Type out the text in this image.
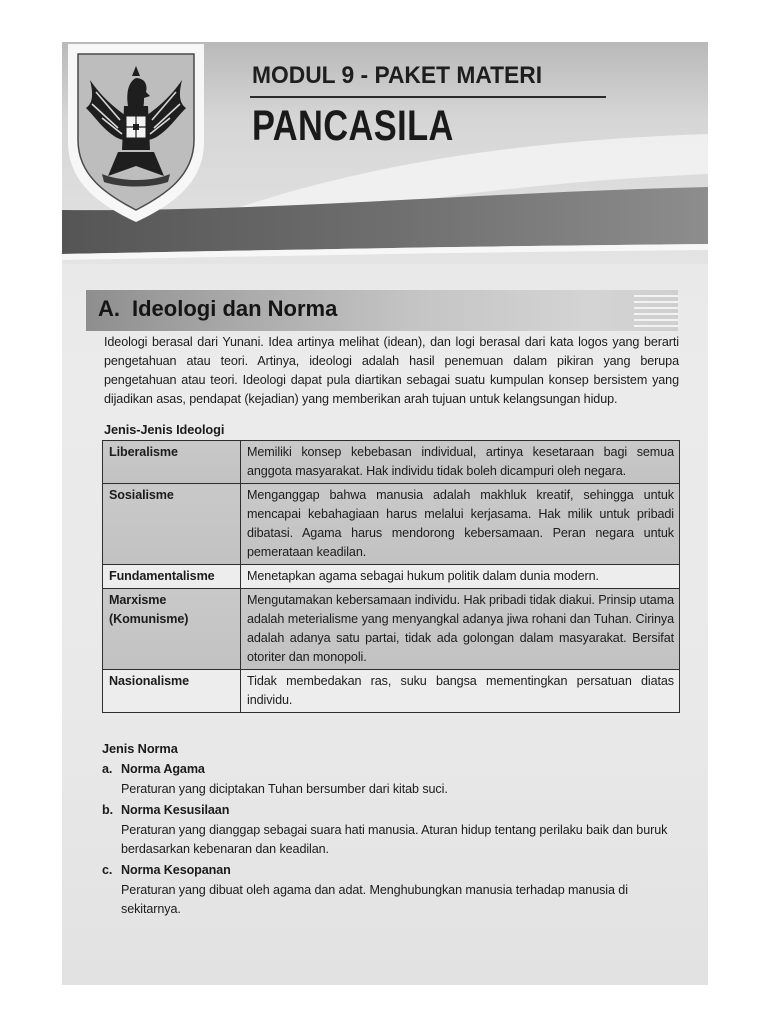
MODUL 9 - PAKET MATERI
PANCASILA
A. Ideologi dan Norma

Ideologi berasal dari Yunani. Idea artinya melihat (idean), dan logi berasal dari kata logos yang berarti pengetahuan atau teori. Artinya, ideologi adalah hasil penemuan dalam pikiran yang berupa pengetahuan atau teori. Ideologi dapat pula diartikan sebagai suatu kumpulan konsep bersistem yang dijadikan asas, pendapat (kejadian) yang memberikan arah tujuan untuk kelangsungan hidup.

Jenis-Jenis Ideologi
Liberalisme	Memiliki konsep kebebasan individual, artinya kesetaraan bagi semua anggota masyarakat. Hak individu tidak boleh dicampuri oleh negara.
Sosialisme	Menganggap bahwa manusia adalah makhluk kreatif, sehingga untuk mencapai kebahagiaan harus melalui kerjasama. Hak milik untuk pribadi dibatasi. Agama harus mendorong kebersamaan. Peran negara untuk pemerataan keadilan.
Fundamentalisme	Menetapkan agama sebagai hukum politik dalam dunia modern.

Marxisme
(Komunisme)	Mengutamakan kebersamaan individu. Hak pribadi tidak diakui. Prinsip utama adalah meterialisme yang menyangkal adanya jiwa rohani dan Tuhan. Cirinya adalah adanya satu partai, tidak ada golongan dalam masyarakat. Bersifat otoriter dan monopoli.
Nasionalisme	Tidak membedakan ras, suku bangsa mementingkan persatuan diatas individu.
Jenis Norma
a. Norma Agama
Peraturan yang diciptakan Tuhan bersumber dari kitab suci.
b. Norma Kesusilaan
Peraturan yang dianggap sebagai suara hati manusia. Aturan hidup tentang perilaku baik dan buruk berdasarkan kebenaran dan keadilan.
c. Norma Kesopanan
Peraturan yang dibuat oleh agama dan adat. Menghubungkan manusia terhadap manusia di sekitarnya.
